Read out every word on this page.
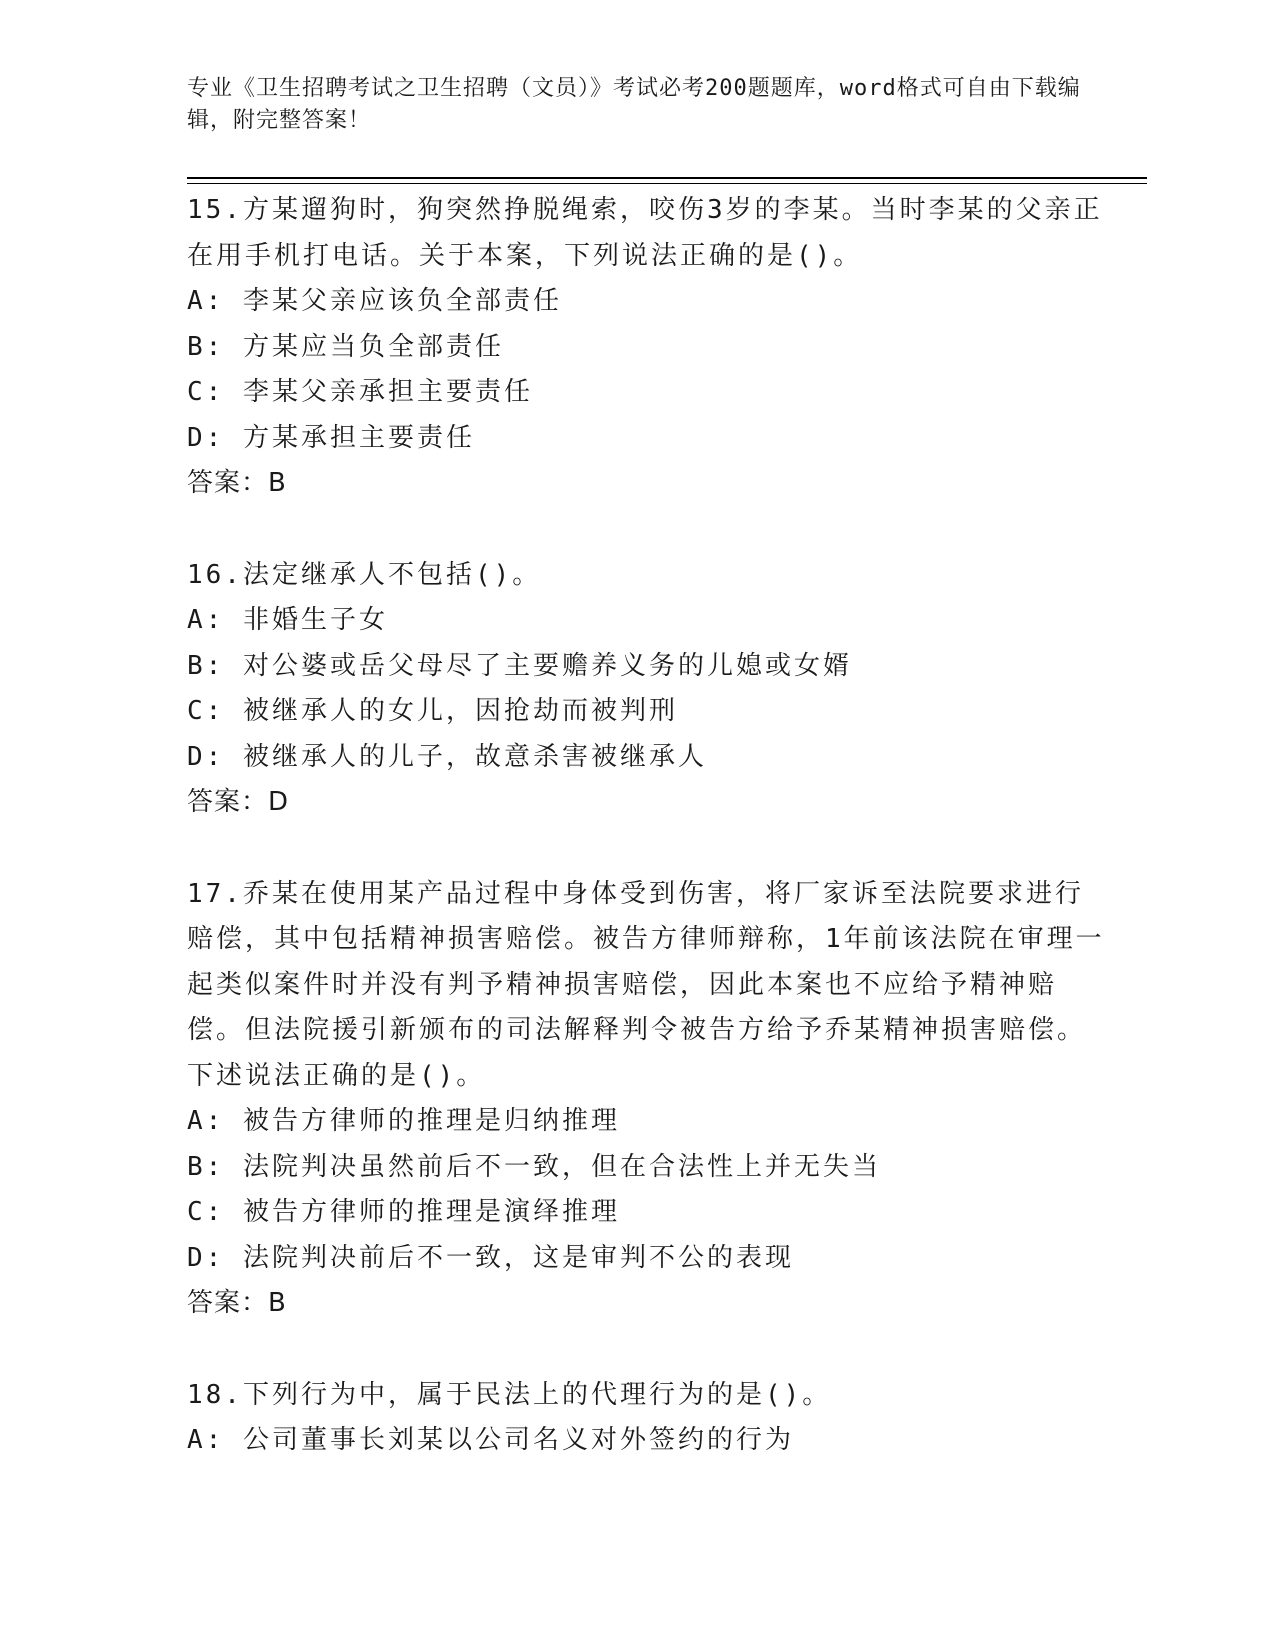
专业《卫生招聘考试之卫生招聘（文员）》考试必考200题题库，word格式可自由下载编辑，附完整答案！

15.方某遛狗时，狗突然挣脱绳索，咬伤3岁的李某。当时李某的父亲正在用手机打电话。关于本案，下列说法正确的是()。

A: 李某父亲应该负全部责任

B: 方某应当负全部责任

C: 李某父亲承担主要责任

D: 方某承担主要责任

答案：B

16.法定继承人不包括()。

A: 非婚生子女

B: 对公婆或岳父母尽了主要赡养义务的儿媳或女婿

C: 被继承人的女儿，因抢劫而被判刑

D: 被继承人的儿子，故意杀害被继承人

答案：D

17.乔某在使用某产品过程中身体受到伤害，将厂家诉至法院要求进行赔偿，其中包括精神损害赔偿。被告方律师辩称，1年前该法院在审理一起类似案件时并没有判予精神损害赔偿，因此本案也不应给予精神赔偿。但法院援引新颁布的司法解释判令被告方给予乔某精神损害赔偿。下述说法正确的是()。

A: 被告方律师的推理是归纳推理

B: 法院判决虽然前后不一致，但在合法性上并无失当

C: 被告方律师的推理是演绎推理

D: 法院判决前后不一致，这是审判不公的表现

答案：B

18.下列行为中，属于民法上的代理行为的是()。

A: 公司董事长刘某以公司名义对外签约的行为
